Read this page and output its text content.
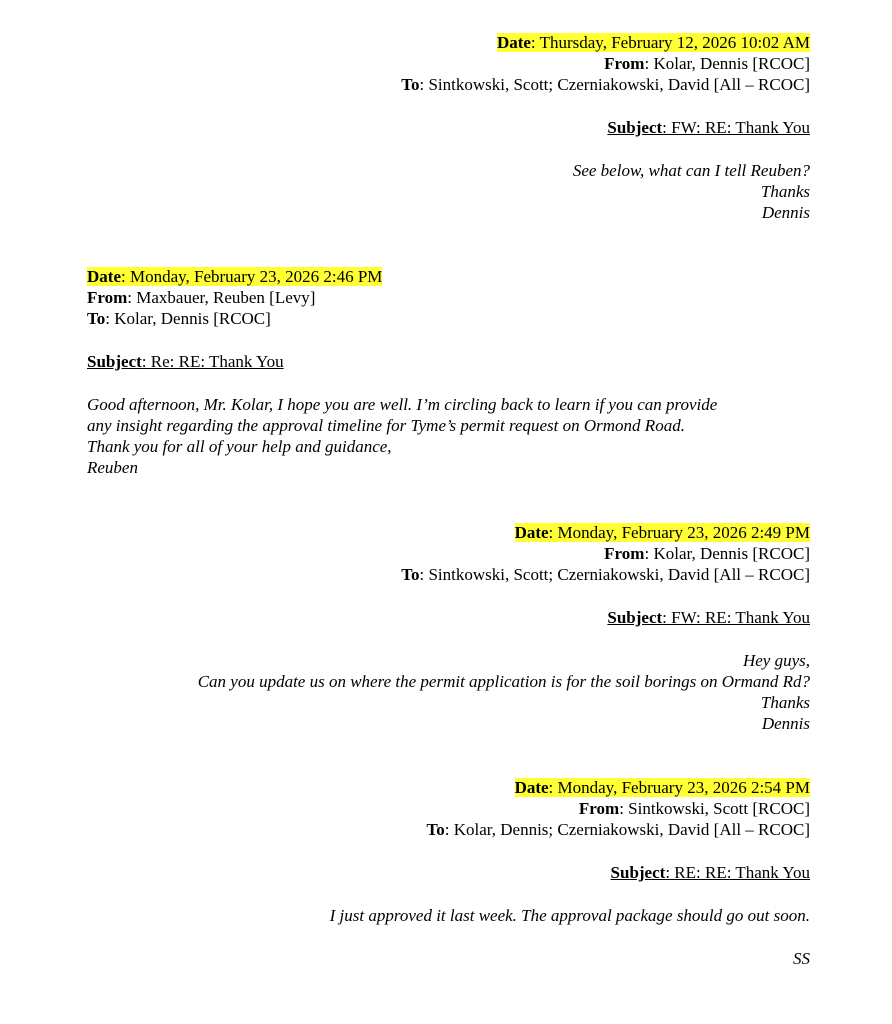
Date: Thursday, February 12, 2026 10:02 AM
From: Kolar, Dennis [RCOC]
To: Sintkowski, Scott; Czerniakowski, David [All – RCOC]
Subject: FW: RE: Thank You
See below, what can I tell Reuben?
Thanks
Dennis
Date: Monday, February 23, 2026 2:46 PM
From: Maxbauer, Reuben [Levy]
To: Kolar, Dennis [RCOC]
Subject: Re: RE: Thank You
Good afternoon, Mr. Kolar, I hope you are well. I’m circling back to learn if you can provide
any insight regarding the approval timeline for Tyme’s permit request on Ormond Road.
Thank you for all of your help and guidance,
Reuben
Date: Monday, February 23, 2026 2:49 PM
From: Kolar, Dennis [RCOC]
To: Sintkowski, Scott; Czerniakowski, David [All – RCOC]
Subject: FW: RE: Thank You
Hey guys,
Can you update us on where the permit application is for the soil borings on Ormand Rd?
Thanks
Dennis
Date: Monday, February 23, 2026 2:54 PM
From: Sintkowski, Scott [RCOC]
To: Kolar, Dennis; Czerniakowski, David [All – RCOC]
Subject: RE: RE: Thank You
I just approved it last week. The approval package should go out soon.
SS
